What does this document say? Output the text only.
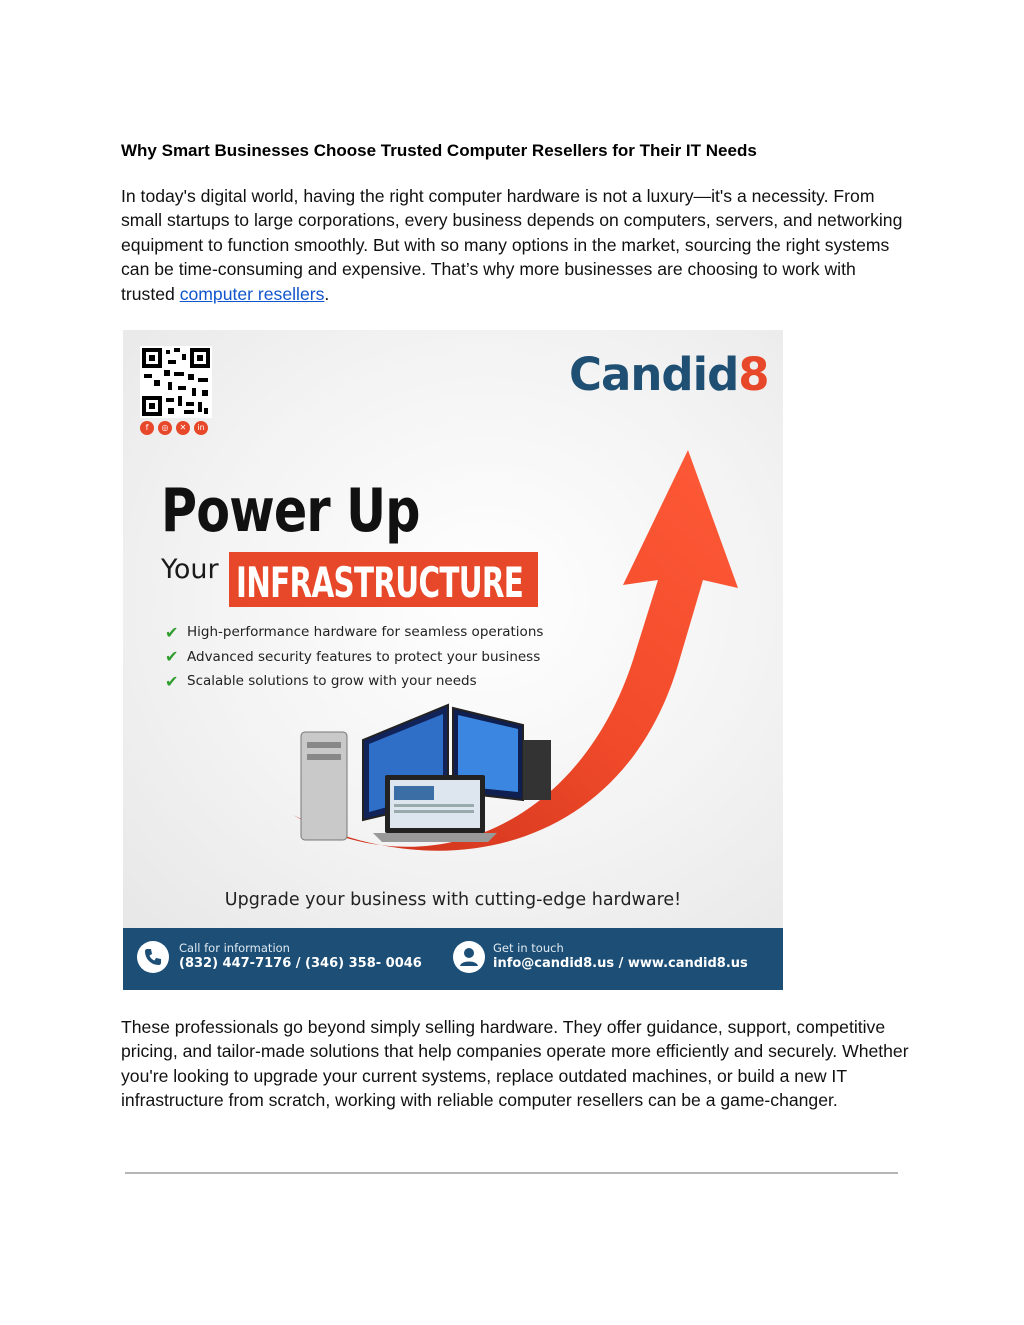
Why Smart Businesses Choose Trusted Computer Resellers for Their IT Needs

In today's digital world, having the right computer hardware is not a luxury—it's a necessity. From small startups to large corporations, every business depends on computers, servers, and networking equipment to function smoothly. But with so many options in the market, sourcing the right systems can be time-consuming and expensive. That’s why more businesses are choosing to work with trusted computer resellers.

f	◎	✕	in
Candid8
Power Up
Your INFRASTRUCTURE
✔ High-performance hardware for seamless operations
✔ Advanced security features to protect your business
✔ Scalable solutions to grow with your needs
Upgrade your business with cutting-edge hardware!
Call for information
(832) 447-7176 / (346) 358- 0046
Get in touch
info@candid8.us / www.candid8.us

These professionals go beyond simply selling hardware. They offer guidance, support, competitive pricing, and tailor-made solutions that help companies operate more efficiently and securely. Whether you're looking to upgrade your current systems, replace outdated machines, or build a new IT infrastructure from scratch, working with reliable computer resellers can be a game-changer.
